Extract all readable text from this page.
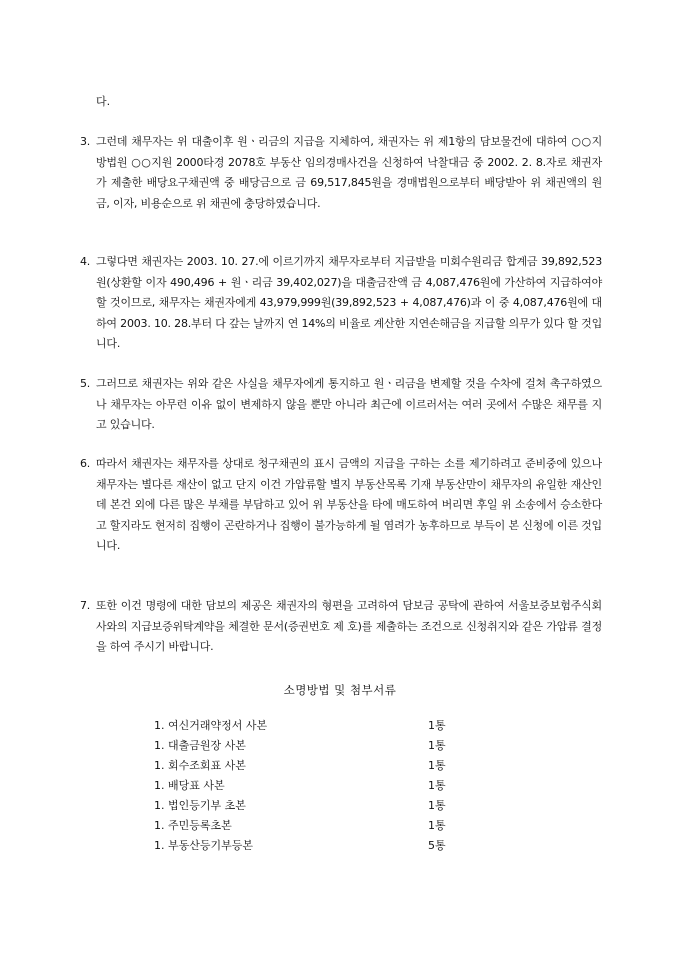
다.
3. 그런데 채무자는 위 대출이후 원ㆍ리금의 지급을 지체하여, 채권자는 위 제1항의 담보물건에 대하여 ○○지방법원 ○○지원 2000타경 2078호 부동산 임의경매사건을 신청하여 낙찰대금 중 2002. 2. 8.자로 채권자가 제출한 배당요구채권액 중 배당금으로 금 69,517,845원을 경매법원으로부터 배당받아 위 채권액의 원금, 이자, 비용순으로 위 채권에 충당하였습니다.
4. 그렇다면 채권자는 2003. 10. 27.에 이르기까지 채무자로부터 지급받을 미회수원리금 합계금 39,892,523원(상환할 이자 490,496 + 원ㆍ리금 39,402,027)을 대출금잔액 금 4,087,476원에 가산하여 지급하여야 할 것이므로, 채무자는 채권자에게 43,979,999원(39,892,523 + 4,087,476)과 이 중 4,087,476원에 대하여 2003. 10. 28.부터 다 갚는 날까지 연 14%의 비율로 계산한 지연손해금을 지급할 의무가 있다 할 것입니다.
5. 그러므로 채권자는 위와 같은 사실을 채무자에게 통지하고 원ㆍ리금을 변제할 것을 수차에 걸쳐 촉구하였으나 채무자는 아무런 이유 없이 변제하지 않을 뿐만 아니라 최근에 이르러서는 여러 곳에서 수많은 채무를 지고 있습니다.
6. 따라서 채권자는 채무자를 상대로 청구채권의 표시 금액의 지급을 구하는 소를 제기하려고 준비중에 있으나 채무자는 별다른 재산이 없고 단지 이건 가압류할 별지 부동산목록 기재 부동산만이 채무자의 유일한 재산인데 본건 외에 다른 많은 부채를 부담하고 있어 위 부동산을 타에 매도하여 버리면 후일 위 소송에서 승소한다고 할지라도 현저히 집행이 곤란하거나 집행이 불가능하게 될 염려가 농후하므로 부득이 본 신청에 이른 것입니다.
7. 또한 이건 명령에 대한 담보의 제공은 채권자의 형편을 고려하여 담보금 공탁에 관하여 서울보증보험주식회사와의 지급보증위탁계약을 체결한 문서(증권번호 제 호)를 제출하는 조건으로 신청취지와 같은 가압류 결정을 하여 주시기 바랍니다.
소명방법 및 첨부서류
1. 여신거래약정서 사본	1통
1. 대출금원장 사본	1통
1. 회수조회표 사본	1통
1. 배당표 사본	1통
1. 법인등기부 초본	1통
1. 주민등록초본	1통
1. 부동산등기부등본	5통
